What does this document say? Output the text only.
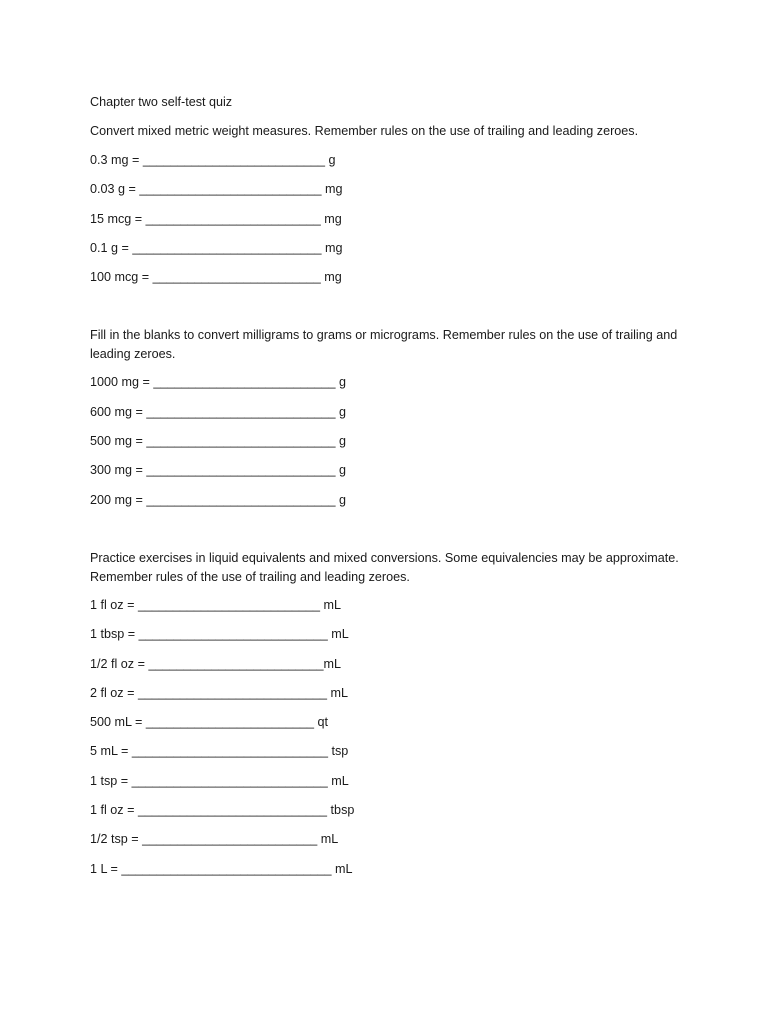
Chapter two self-test quiz
Convert mixed metric weight measures. Remember rules on the use of trailing and leading zeroes.
0.3 mg = __________________________ g
0.03 g = __________________________ mg
15 mcg = _________________________ mg
0.1 g = ___________________________ mg
100 mcg = ________________________ mg
Fill in the blanks to convert milligrams to grams or micrograms. Remember rules on the use of trailing and leading zeroes.
1000 mg = __________________________ g
600 mg = ___________________________ g
500 mg = ___________________________ g
300 mg = ___________________________ g
200 mg = ___________________________ g
Practice exercises in liquid equivalents and mixed conversions. Some equivalencies may be approximate. Remember rules of the use of trailing and leading zeroes.
1 fl oz = __________________________ mL
1 tbsp = ___________________________ mL
1/2 fl oz = _________________________mL
2 fl oz = ___________________________ mL
500 mL = ________________________ qt
5 mL = ____________________________ tsp
1 tsp = ____________________________ mL
1 fl oz = ___________________________ tbsp
1/2 tsp = _________________________ mL
1 L = ______________________________ mL
